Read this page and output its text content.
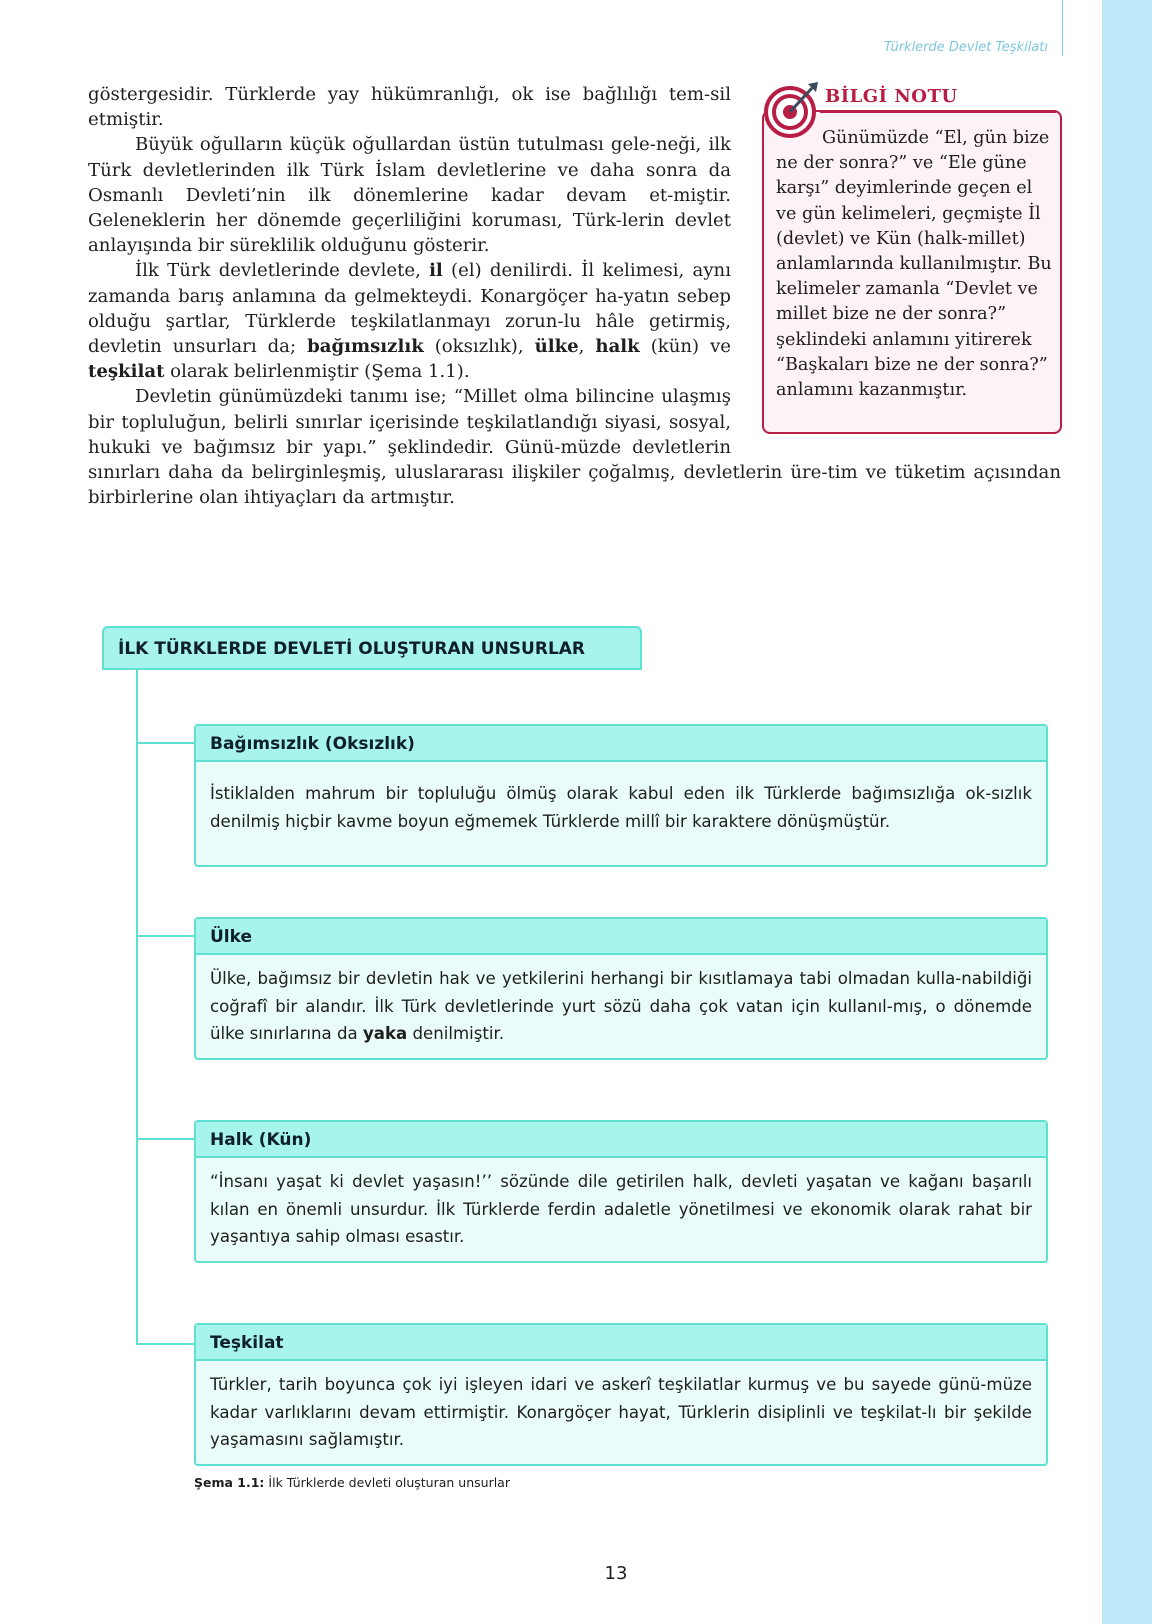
Türklerde Devlet Teşkilatı

göstergesidir. Türklerde yay hükümranlığı, ok ise bağlılığı tem-sil etmiştir.

Büyük oğulların küçük oğullardan üstün tutulması gele-neği, ilk Türk devletlerinden ilk Türk İslam devletlerine ve daha sonra da Osmanlı Devleti’nin ilk dönemlerine kadar devam et-miştir. Geleneklerin her dönemde geçerliliğini koruması, Türk-lerin devlet anlayışında bir süreklilik olduğunu gösterir.

İlk Türk devletlerinde devlete, il (el) denilirdi. İl kelimesi, aynı zamanda barış anlamına da gelmekteydi. Konargöçer ha-yatın sebep olduğu şartlar, Türklerde teşkilatlanmayı zorun-lu hâle getirmiş, devletin unsurları da; bağımsızlık (oksızlık), ülke, halk (kün) ve teşkilat olarak belirlenmiştir (Şema 1.1).

Devletin günümüzdeki tanımı ise; “Millet olma bilincine ulaşmış bir topluluğun, belirli sınırlar içerisinde teşkilatlandığı siyasi, sosyal, hukuki ve bağımsız bir yapı.” şeklindedir. Günü-müzde devletlerin sınırları daha da belirginleşmiş, uluslararası ilişkiler çoğalmış, devletlerin üre-tim ve tüketim açısından birbirlerine olan ihtiyaçları da artmıştır.

BİLGİ NOTU
Günümüzde “El, gün bize ne der sonra?” ve “Ele güne karşı” deyimlerinde geçen el ve gün kelimeleri, geçmişte İl (devlet) ve Kün (halk-millet) anlamlarında kullanılmıştır. Bu kelimeler zamanla “Devlet ve millet bize ne der sonra?” şeklindeki anlamını yitirerek “Başkaları bize ne der sonra?” anlamını kazanmıştır.
İLK TÜRKLERDE DEVLETİ OLUŞTURAN UNSURLAR
Bağımsızlık (Oksızlık)
İstiklalden mahrum bir topluluğu ölmüş olarak kabul eden ilk Türklerde bağımsızlığa ok-sızlık denilmiş hiçbir kavme boyun eğmemek Türklerde millî bir karaktere dönüşmüştür.
Ülke
Ülke, bağımsız bir devletin hak ve yetkilerini herhangi bir kısıtlamaya tabi olmadan kulla-nabildiği coğrafî bir alandır. İlk Türk devletlerinde yurt sözü daha çok vatan için kullanıl-mış, o dönemde ülke sınırlarına da yaka denilmiştir.
Halk (Kün)
“İnsanı yaşat ki devlet yaşasın!’’ sözünde dile getirilen halk, devleti yaşatan ve kağanı başarılı kılan en önemli unsurdur. İlk Türklerde ferdin adaletle yönetilmesi ve ekonomik olarak rahat bir yaşantıya sahip olması esastır.
Teşkilat
Türkler, tarih boyunca çok iyi işleyen idari ve askerî teşkilatlar kurmuş ve bu sayede günü-müze kadar varlıklarını devam ettirmiştir. Konargöçer hayat, Türklerin disiplinli ve teşkilat-lı bir şekilde yaşamasını sağlamıştır.
Şema 1.1: İlk Türklerde devleti oluşturan unsurlar
13
